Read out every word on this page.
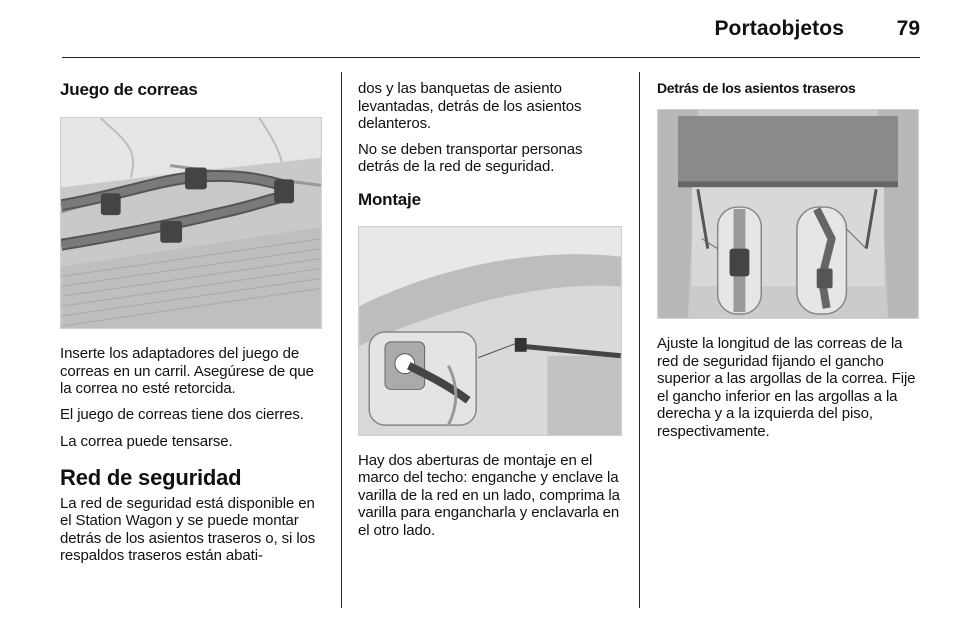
Portaobjetos	79
Juego de correas

Inserte los adaptadores del juego de correas en un carril. Asegúrese de que la correa no esté retorcida.

El juego de correas tiene dos cierres.

La correa puede tensarse.

Red de seguridad

La red de seguridad está disponible en el Station Wagon y se puede montar detrás de los asientos traseros o, si los respaldos traseros están abati-

dos y las banquetas de asiento levantadas, detrás de los asientos delanteros.

No se deben transportar personas detrás de la red de seguridad.

Montaje

Hay dos aberturas de montaje en el marco del techo: enganche y enclave la varilla de la red en un lado, comprima la varilla para engancharla y enclavarla en el otro lado.

Detrás de los asientos traseros

Ajuste la longitud de las correas de la red de seguridad fijando el gancho superior a las argollas de la correa. Fije el gancho inferior en las argollas a la derecha y a la izquierda del piso, respectivamente.
